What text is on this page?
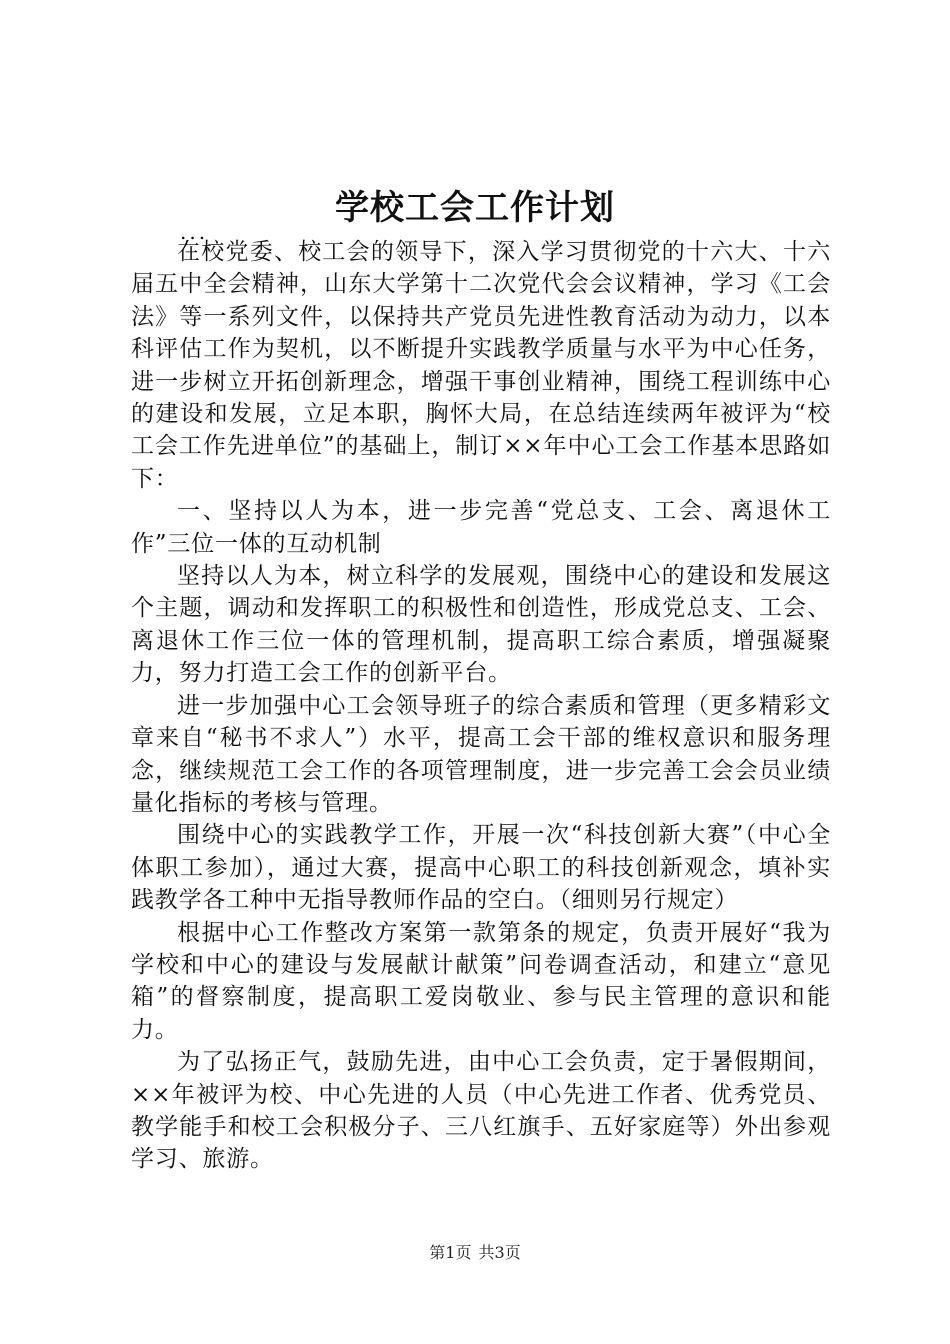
学校工会工作计划
...

在校党委、校工会的领导下，深入学习贯彻党的十六大、十六届五中全会精神，山东大学第十二次党代会会议精神，学习《工会法》等一系列文件，以保持共产党员先进性教育活动为动力，以本科评估工作为契机，以不断提升实践教学质量与水平为中心任务，进一步树立开拓创新理念，增强干事创业精神，围绕工程训练中心的建设和发展，立足本职，胸怀大局，在总结连续两年被评为“校工会工作先进单位”的基础上，制订××年中心工会工作基本思路如下：

一、坚持以人为本，进一步完善“党总支、工会、离退休工作”三位一体的互动机制

坚持以人为本，树立科学的发展观，围绕中心的建设和发展这个主题，调动和发挥职工的积极性和创造性，形成党总支、工会、离退休工作三位一体的管理机制，提高职工综合素质，增强凝聚力，努力打造工会工作的创新平台。

进一步加强中心工会领导班子的综合素质和管理（更多精彩文章来自“秘书不求人”）水平，提高工会干部的维权意识和服务理念，继续规范工会工作的各项管理制度，进一步完善工会会员业绩量化指标的考核与管理。

围绕中心的实践教学工作，开展一次“科技创新大赛”（中心全体职工参加），通过大赛，提高中心职工的科技创新观念，填补实践教学各工种中无指导教师作品的空白。（细则另行规定）

根据中心工作整改方案第一款第条的规定，负责开展好“我为学校和中心的建设与发展献计献策”问卷调查活动，和建立“意见箱”的督察制度，提高职工爱岗敬业、参与民主管理的意识和能力。

为了弘扬正气，鼓励先进，由中心工会负责，定于暑假期间，××年被评为校、中心先进的人员（中心先进工作者、优秀党员、教学能手和校工会积极分子、三八红旗手、五好家庭等）外出参观学习、旅游。

第1页 共3页
